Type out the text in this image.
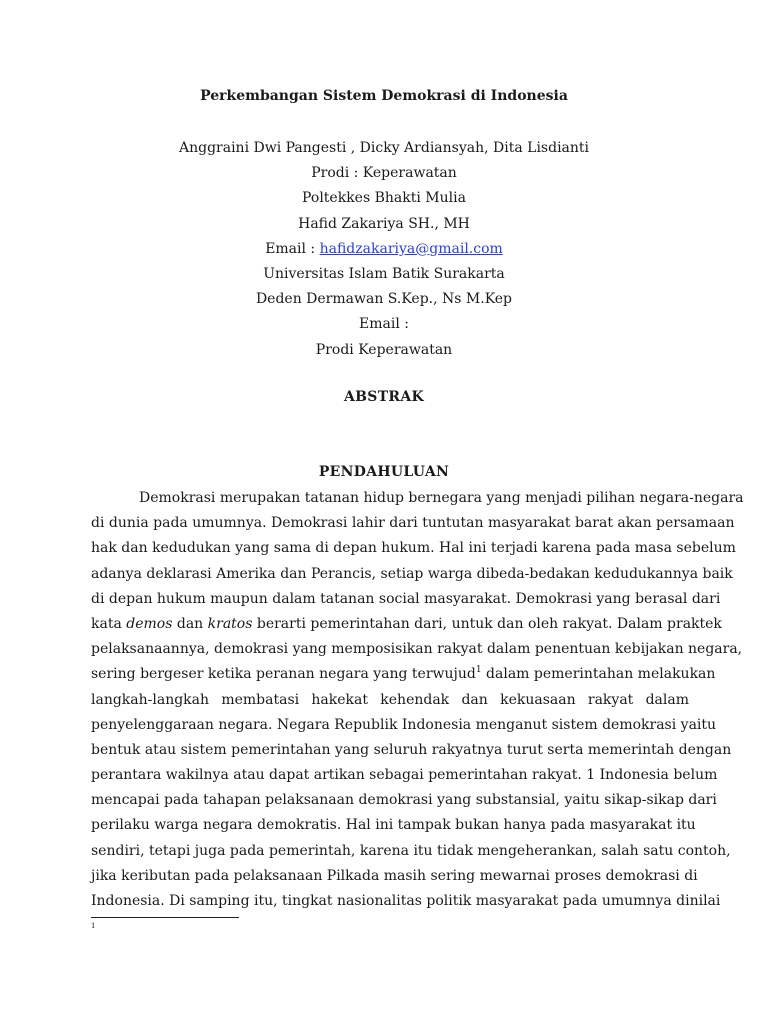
Perkembangan Sistem Demokrasi di Indonesia
Anggraini Dwi Pangesti , Dicky Ardiansyah, Dita Lisdianti
Prodi : Keperawatan
Poltekkes Bhakti Mulia
Hafid Zakariya SH., MH
Email : hafidzakariya@gmail.com
Universitas Islam Batik Surakarta
Deden Dermawan S.Kep., Ns M.Kep
Email :
Prodi Keperawatan
ABSTRAK
PENDAHULUAN
Demokrasi merupakan tatanan hidup bernegara yang menjadi pilihan negara-negara
di dunia pada umumnya. Demokrasi lahir dari tuntutan masyarakat barat akan persamaan
hak dan kedudukan yang sama di depan hukum. Hal ini terjadi karena pada masa sebelum
adanya deklarasi Amerika dan Perancis, setiap warga dibeda-bedakan kedudukannya baik
di depan hukum maupun dalam tatanan social masyarakat. Demokrasi yang berasal dari
kata demos dan kratos berarti pemerintahan dari, untuk dan oleh rakyat. Dalam praktek
pelaksanaannya, demokrasi yang memposisikan rakyat dalam penentuan kebijakan negara,
sering bergeser ketika peranan negara yang terwujud$^1$ dalam pemerintahan melakukan
langkah-langkah membatasi hakekat kehendak dan kekuasaan rakyat dalam
penyelenggaraan negara. Negara Republik Indonesia menganut sistem demokrasi yaitu
bentuk atau sistem pemerintahan yang seluruh rakyatnya turut serta memerintah dengan
perantara wakilnya atau dapat artikan sebagai pemerintahan rakyat. 1 Indonesia belum
mencapai pada tahapan pelaksanaan demokrasi yang substansial, yaitu sikap-sikap dari
perilaku warga negara demokratis. Hal ini tampak bukan hanya pada masyarakat itu
sendiri, tetapi juga pada pemerintah, karena itu tidak mengeherankan, salah satu contoh,
jika keributan pada pelaksanaan Pilkada masih sering mewarnai proses demokrasi di
Indonesia. Di samping itu, tingkat nasionalitas politik masyarakat pada umumnya dinilai
1
